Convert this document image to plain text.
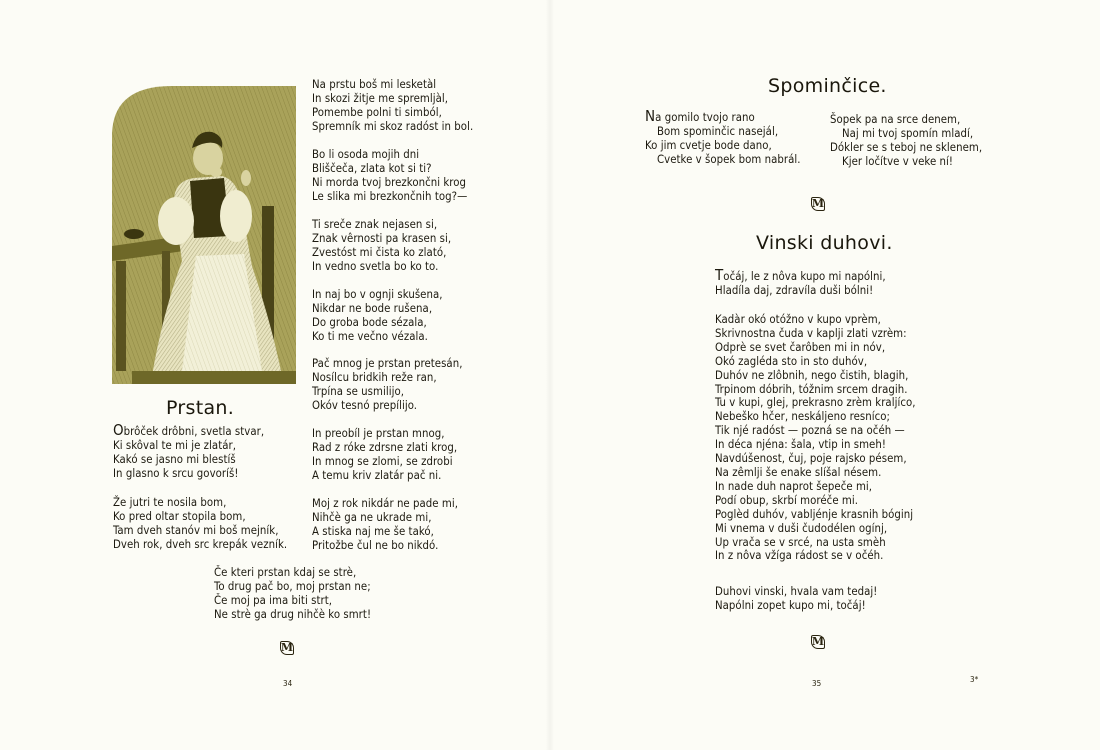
Prstan.
Obrôček drôbni, svetla stvar,
Ki skôval te mi je zlatár,
Kakó se jasno mi blestíš
In glasno k srcu govoríš!
Že jutri te nosila bom,
Ko pred oltar stopila bom,
Tam dveh stanóv mi boš mejník,
Dveh rok, dveh src krepák vezník.
Na prstu boš mi lesketàl
In skozi žitje me spremljàl,
Pomembe polni ti simból,
Spremník mi skoz radóst in bol.
Bo li osoda mojih dni
Bliščeča, zlata kot si ti?
Ni morda tvoj brezkončni krog
Le slika mi brezkončnih tog?—
Ti sreče znak nejasen si,
Znak vêrnosti pa krasen si,
Zvestóst mi čista ko zlató,
In vedno svetla bo ko to.
In naj bo v ognji skušena,
Nikdar ne bode rušena,
Do groba bode sézala,
Ko ti me večno vézala.
Pač mnog je prstan pretesán,
Nosílcu bridkih reže ran,
Trpína se usmilijo,
Okóv tesnó prepílijo.
In preobíl je prstan mnog,
Rad z róke zdrsne zlati krog,
In mnog se zlomi, se zdrobi
A temu kriv zlatár pač ni.
Moj z rok nikdár ne pade mi,
Nihčè ga ne ukrade mi,
A stiska naj me še takó,
Pritožbe čul ne bo nikdó.
Če kteri prstan kdaj se strè,
To drug pač bo, moj prstan ne;
Če moj pa ima biti strt,
Ne strè ga drug nihčè ko smrt!
M
34
Spominčice.
Na gomilo tvojo rano
Bom spominčic nasejál,
Ko jim cvetje bode dano,
Cvetke v šopek bom nabrál.
Šopek pa na srce denem,
Naj mi tvoj spomín mladí,
Dókler se s teboj ne sklenem,
Kjer ločítve v veke ní!
M
Vinski duhovi.
Točáj, le z nôva kupo mi napólni,
Hladíla daj, zdravíla duši bólni!
Kadàr okó otóžno v kupo vprèm,
Skrivnostna čuda v kaplji zlati vzrèm:
Odprè se svet čarôben mi in nóv,
Okó zagléda sto in sto duhóv,
Duhóv ne zlôbnih, nego čistih, blagih,
Trpinom dóbrih, tóžnim srcem dragih.
Tu v kupi, glej, prekrasno zrèm kraljíco,
Nebeško hčer, neskáljeno resníco;
Tik njé radóst — pozná se na očéh —
In déca njéna: šala, vtip in smeh!
Navdúšenost, čuj, poje rajsko pésem,
Na zêmlji še enake slíšal nésem.
In nade duh naprot šepeče mi,
Podí obup, skrbí moréče mi.
Poglèd duhóv, vabljénje krasnih bóginj
Mi vnema v duši čudodélen ogínj,
Up vrača se v srcé, na usta smèh
In z nôva vžíga rádost se v očéh.
Duhovi vinski, hvala vam tedaj!
Napólni zopet kupo mi, točáj!
M
35	3*
